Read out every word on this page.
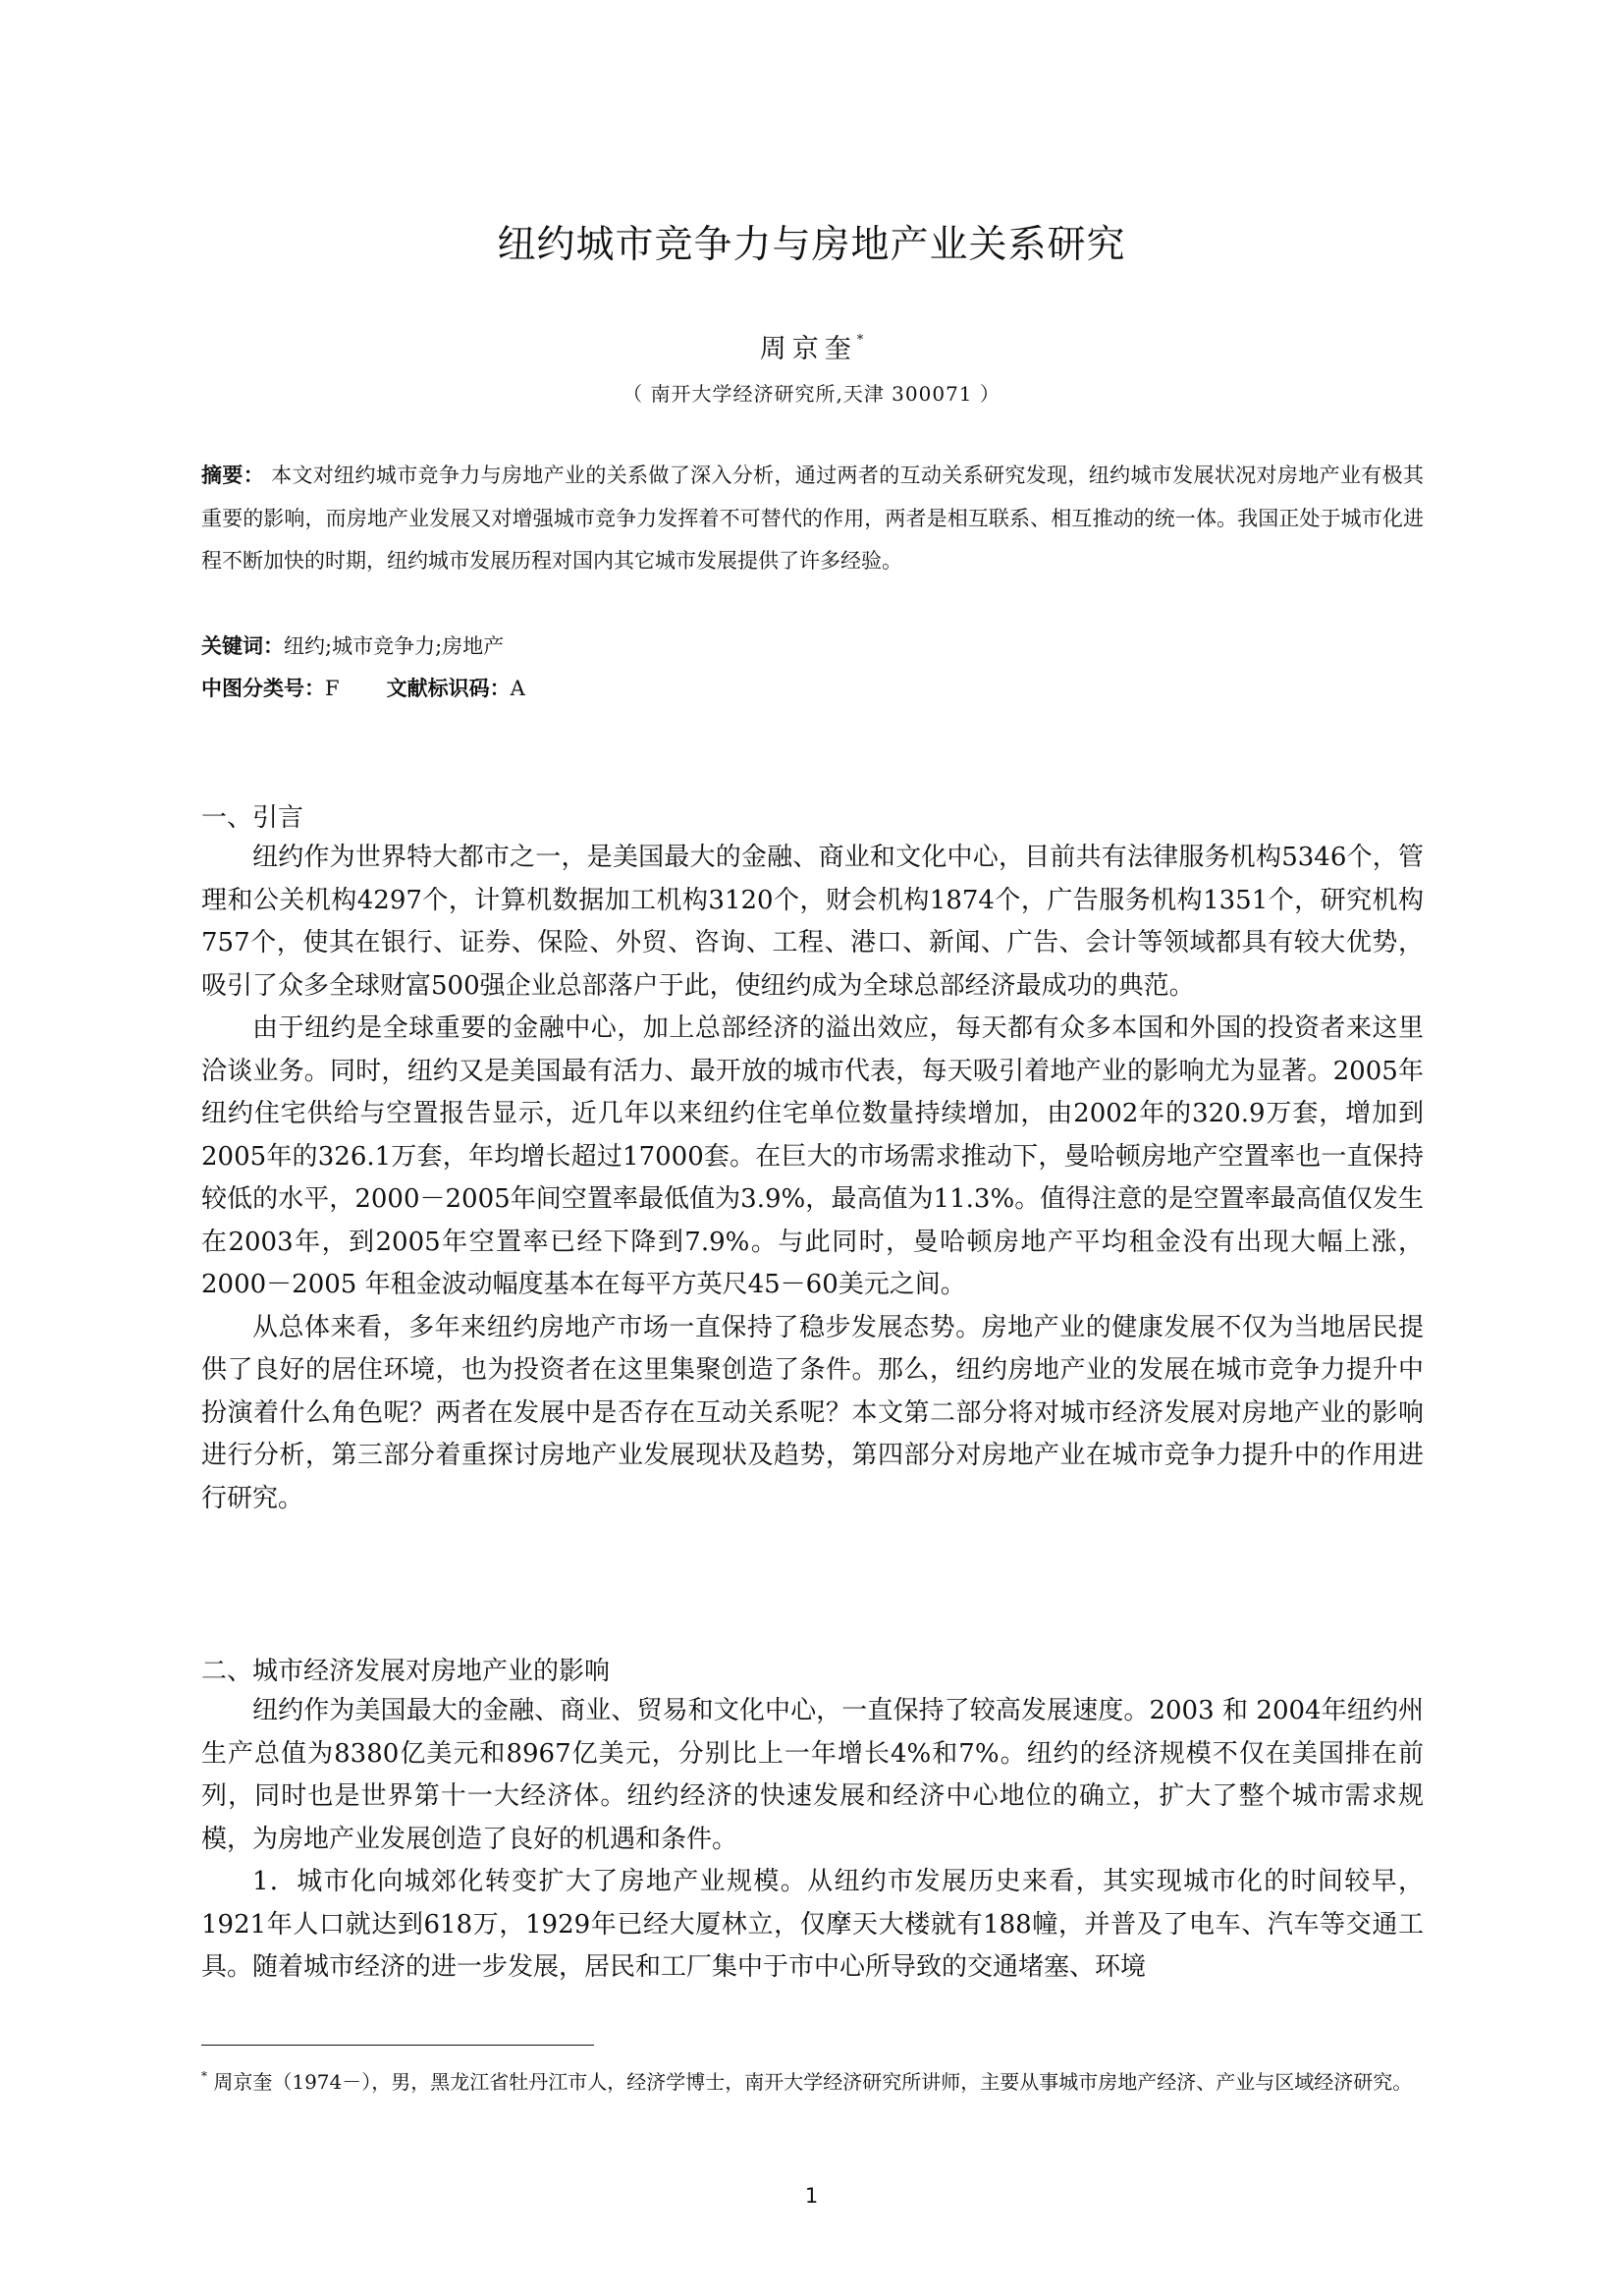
纽约城市竞争力与房地产业关系研究
周京奎*
（ 南开大学经济研究所,天津 300071 ）
摘要： 本文对纽约城市竞争力与房地产业的关系做了深入分析，通过两者的互动关系研究发现，纽约城市发展状况对房地产业有极其重要的影响，而房地产业发展又对增强城市竞争力发挥着不可替代的作用，两者是相互联系、相互推动的统一体。我国正处于城市化进程不断加快的时期，纽约城市发展历程对国内其它城市发展提供了许多经验。
关键词：纽约;城市竞争力;房地产
中图分类号：F 文献标识码：A
一、引言

纽约作为世界特大都市之一，是美国最大的金融、商业和文化中心，目前共有法律服务机构5346个，管理和公关机构4297个，计算机数据加工机构3120个，财会机构1874个，广告服务机构1351个，研究机构757个，使其在银行、证券、保险、外贸、咨询、工程、港口、新闻、广告、会计等领域都具有较大优势，吸引了众多全球财富500强企业总部落户于此，使纽约成为全球总部经济最成功的典范。

由于纽约是全球重要的金融中心，加上总部经济的溢出效应，每天都有众多本国和外国的投资者来这里洽谈业务。同时，纽约又是美国最有活力、最开放的城市代表，每天吸引着地产业的影响尤为显著。2005年纽约住宅供给与空置报告显示，近几年以来纽约住宅单位数量持续增加，由2002年的320.9万套，增加到2005年的326.1万套，年均增长超过17000套。在巨大的市场需求推动下，曼哈顿房地产空置率也一直保持较低的水平，2000－2005年间空置率最低值为3.9%，最高值为11.3%。值得注意的是空置率最高值仅发生在2003年，到2005年空置率已经下降到7.9%。与此同时，曼哈顿房地产平均租金没有出现大幅上涨，2000－2005 年租金波动幅度基本在每平方英尺45－60美元之间。

从总体来看，多年来纽约房地产市场一直保持了稳步发展态势。房地产业的健康发展不仅为当地居民提供了良好的居住环境，也为投资者在这里集聚创造了条件。那么，纽约房地产业的发展在城市竞争力提升中扮演着什么角色呢？两者在发展中是否存在互动关系呢？本文第二部分将对城市经济发展对房地产业的影响进行分析，第三部分着重探讨房地产业发展现状及趋势，第四部分对房地产业在城市竞争力提升中的作用进行研究。

二、城市经济发展对房地产业的影响

纽约作为美国最大的金融、商业、贸易和文化中心，一直保持了较高发展速度。2003 和 2004年纽约州生产总值为8380亿美元和8967亿美元，分别比上一年增长4%和7%。纽约的经济规模不仅在美国排在前列，同时也是世界第十一大经济体。纽约经济的快速发展和经济中心地位的确立，扩大了整个城市需求规模，为房地产业发展创造了良好的机遇和条件。

1．城市化向城郊化转变扩大了房地产业规模。从纽约市发展历史来看，其实现城市化的时间较早，1921年人口就达到618万，1929年已经大厦林立，仅摩天大楼就有188幢，并普及了电车、汽车等交通工具。随着城市经济的进一步发展，居民和工厂集中于市中心所导致的交通堵塞、环境

* 周京奎（1974－），男，黑龙江省牡丹江市人，经济学博士，南开大学经济研究所讲师，主要从事城市房地产经济、产业与区域经济研究。
1
